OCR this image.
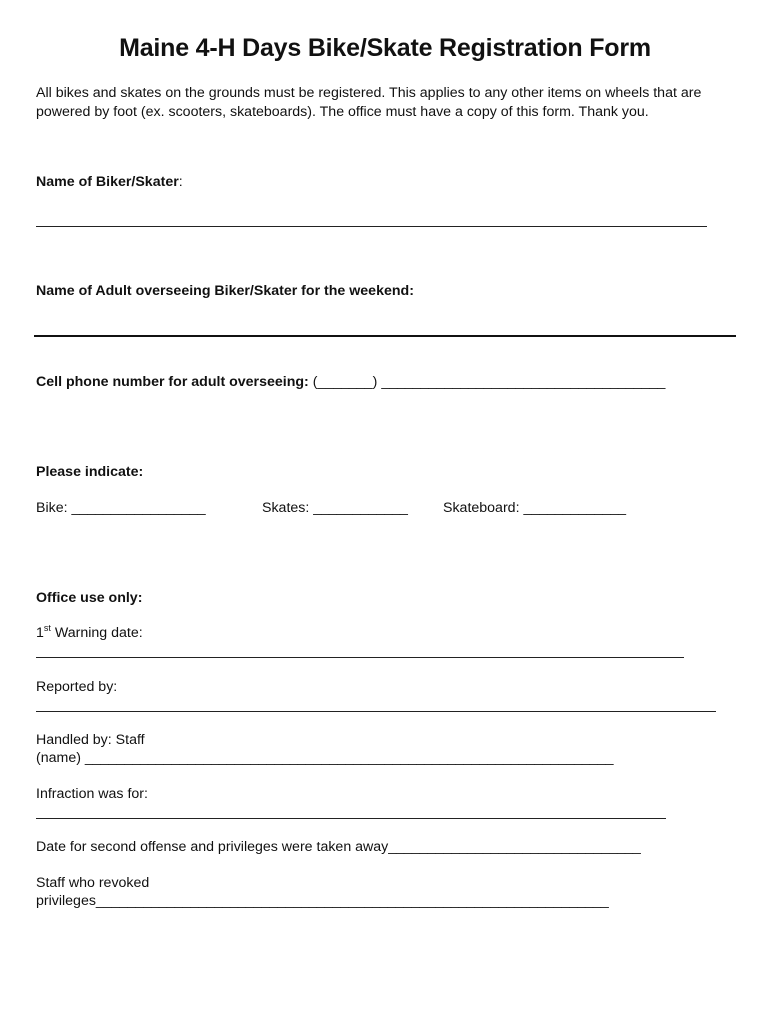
Maine 4-H Days Bike/Skate Registration Form
All bikes and skates on the grounds must be registered. This applies to any other items on wheels that are powered by foot (ex. scooters, skateboards). The office must have a copy of this form. Thank you.
Name of Biker/Skater:
Name of Adult overseeing Biker/Skater for the weekend:
Cell phone number for adult overseeing: (_______) ____________________________________
Please indicate:
Bike: _________________	Skates: ____________ Skateboard: _____________
Office use only:
1st Warning date:
Reported by:
Handled by: Staff
(name) ___________________________________________________________________
Infraction was for:
Date for second offense and privileges were taken away________________________________
Staff who revoked
privileges_________________________________________________________________
